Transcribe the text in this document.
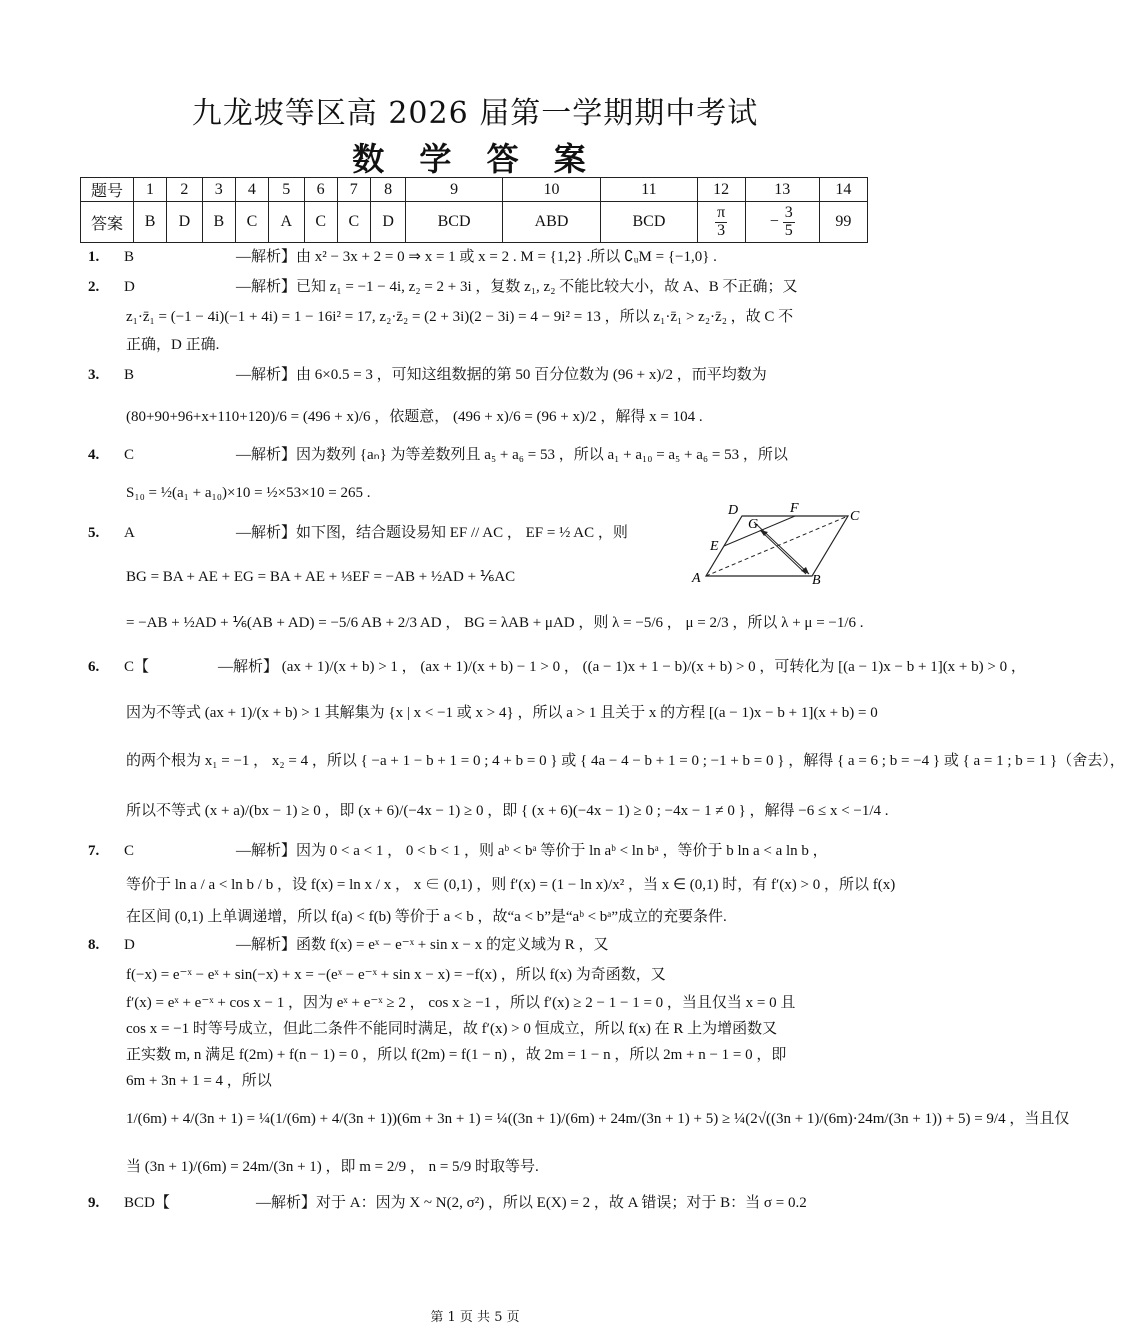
九龙坡等区高 2026 届第一学期期中考试
数 学 答 案
题号	1	2	3	4	5	6	7	8	9	10	11	12	13	14
答案	B	D	B	C	A	C	C	D	BCD	ABD	BCD	$\frac{\pi}{3}$	− $\frac{3}{5}$	99
1. B	—解析】由 x² − 3x + 2 = 0 ⇒ x = 1 或 x = 2 . M = {1,2} .所以 ∁ᵤM = {−1,0} .
2. D	—解析】已知 z₁ = −1 − 4i, z₂ = 2 + 3i ，复数 z₁, z₂ 不能比较大小，故 A、B 不正确；又
z₁·z̄₁ = (−1 − 4i)(−1 + 4i) = 1 − 16i² = 17, z₂·z̄₂ = (2 + 3i)(2 − 3i) = 4 − 9i² = 13 ，所以 z₁·z̄₁ > z₂·z̄₂ ，故 C 不
正确，D 正确.
3. B	—解析】由 6×0.5 = 3 ，可知这组数据的第 50 百分位数为 (96 + x)/2 ，而平均数为
(80+90+96+x+110+120)/6 = (496 + x)/6 ，依题意， (496 + x)/6 = (96 + x)/2 ，解得 x = 104 .
4. C	—解析】因为数列 {aₙ} 为等差数列且 a₅ + a₆ = 53 ，所以 a₁ + a₁₀ = a₅ + a₆ = 53 ，所以
S₁₀ = ½(a₁ + a₁₀)×10 = ½×53×10 = 265 .
5. A	—解析】如下图，结合题设易知 EF // AC ， EF = ½ AC ，则
BG = BA + AE + EG = BA + AE + ⅓EF = −AB + ½AD + ⅙AC
= −AB + ½AD + ⅙(AB + AD) = −5/6 AB + 2/3 AD ， BG = λAB + μAD ，则 λ = −5/6 ， μ = 2/3 ，所以 λ + μ = −1/6 .
6. C【	—解析】 (ax + 1)/(x + b) > 1 ， (ax + 1)/(x + b) − 1 > 0 ， ((a − 1)x + 1 − b)/(x + b) > 0 ，可转化为 [(a − 1)x − b + 1](x + b) > 0 ，
因为不等式 (ax + 1)/(x + b) > 1 其解集为 {x | x < −1 或 x > 4} ，所以 a > 1 且关于 x 的方程 [(a − 1)x − b + 1](x + b) = 0
的两个根为 x₁ = −1 ， x₂ = 4 ，所以 { −a + 1 − b + 1 = 0 ; 4 + b = 0 } 或 { 4a − 4 − b + 1 = 0 ; −1 + b = 0 } ，解得 { a = 6 ; b = −4 } 或 { a = 1 ; b = 1 }（舍去），
所以不等式 (x + a)/(bx − 1) ≥ 0 ，即 (x + 6)/(−4x − 1) ≥ 0 ，即 { (x + 6)(−4x − 1) ≥ 0 ; −4x − 1 ≠ 0 } ，解得 −6 ≤ x < −1/4 .
7. C	—解析】因为 0 < a < 1 ， 0 < b < 1 ，则 aᵇ < bᵃ 等价于 ln aᵇ < ln bᵃ ，等价于 b ln a < a ln b ，
等价于 ln a / a < ln b / b ，设 f(x) = ln x / x ， x ∈ (0,1) ，则 f′(x) = (1 − ln x)/x² ，当 x ∈ (0,1) 时，有 f′(x) > 0 ，所以 f(x)
在区间 (0,1) 上单调递增，所以 f(a) < f(b) 等价于 a < b ，故“a < b”是“aᵇ < bᵃ”成立的充要条件.
8. D	—解析】函数 f(x) = eˣ − e⁻ˣ + sin x − x 的定义域为 R ，又
f(−x) = e⁻ˣ − eˣ + sin(−x) + x = −(eˣ − e⁻ˣ + sin x − x) = −f(x) ，所以 f(x) 为奇函数，又
f′(x) = eˣ + e⁻ˣ + cos x − 1 ，因为 eˣ + e⁻ˣ ≥ 2 ， cos x ≥ −1 ，所以 f′(x) ≥ 2 − 1 − 1 = 0 ，当且仅当 x = 0 且
cos x = −1 时等号成立，但此二条件不能同时满足，故 f′(x) > 0 恒成立，所以 f(x) 在 R 上为增函数又
正实数 m, n 满足 f(2m) + f(n − 1) = 0 ，所以 f(2m) = f(1 − n) ，故 2m = 1 − n ，所以 2m + n − 1 = 0 ，即
6m + 3n + 1 = 4 ，所以
1/(6m) + 4/(3n + 1) = ¼(1/(6m) + 4/(3n + 1))(6m + 3n + 1) = ¼((3n + 1)/(6m) + 24m/(3n + 1) + 5) ≥ ¼(2√((3n + 1)/(6m)·24m/(3n + 1)) + 5) = 9/4 ，当且仅
当 (3n + 1)/(6m) = 24m/(3n + 1) ，即 m = 2/9 ， n = 5/9 时取等号.
9. BCD【	—解析】对于 A：因为 X ~ N(2, σ²) ，所以 E(X) = 2 ，故 A 错误；对于 B：当 σ = 0.2
D
G
F
C
E
A	B
第 1 页 共 5 页
